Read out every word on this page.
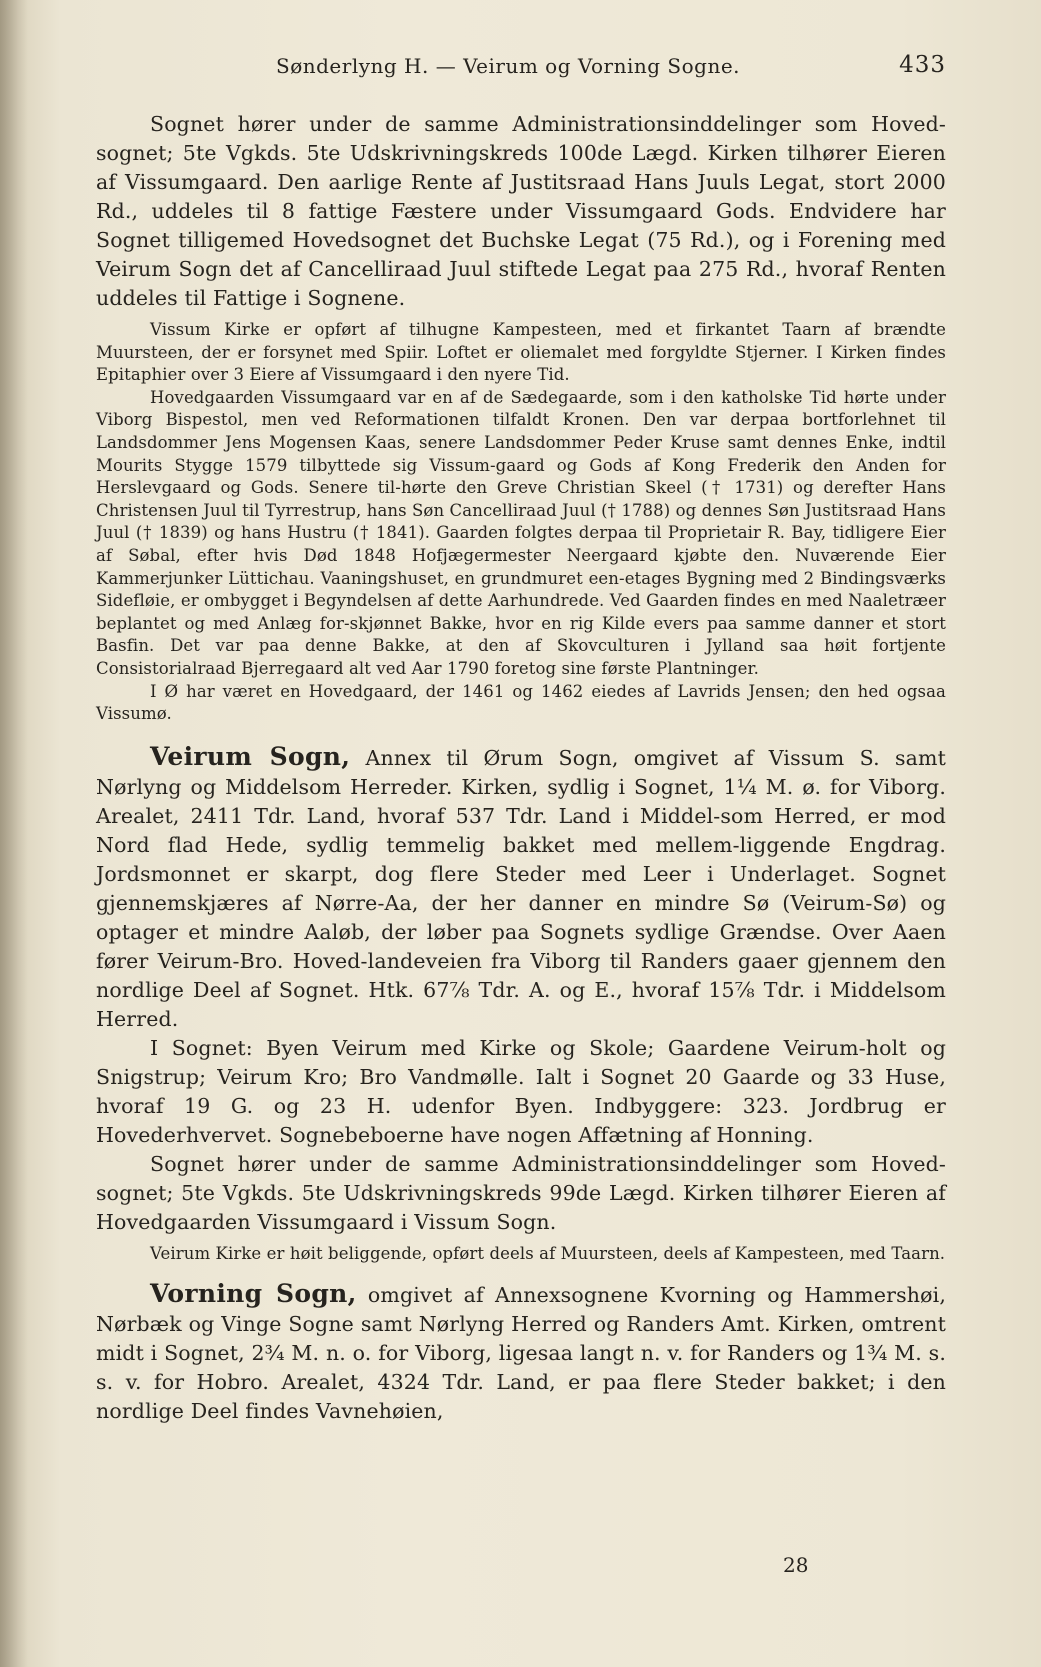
Sønderlyng H. — Veirum og Vorning Sogne.	433

Sognet hører under de samme Administrationsinddelinger som Hoved-sognet; 5te Vgkds. 5te Udskrivningskreds 100de Lægd. Kirken tilhører Eieren af Vissumgaard. Den aarlige Rente af Justitsraad Hans Juuls Legat, stort 2000 Rd., uddeles til 8 fattige Fæstere under Vissumgaard Gods. Endvidere har Sognet tilligemed Hovedsognet det Buchske Legat (75 Rd.), og i Forening med Veirum Sogn det af Cancelliraad Juul stiftede Legat paa 275 Rd., hvoraf Renten uddeles til Fattige i Sognene.

Vissum Kirke er opført af tilhugne Kampesteen, med et firkantet Taarn af brændte Muursteen, der er forsynet med Spiir. Loftet er oliemalet med forgyldte Stjerner. I Kirken findes Epitaphier over 3 Eiere af Vissumgaard i den nyere Tid.

Hovedgaarden Vissumgaard var en af de Sædegaarde, som i den katholske Tid hørte under Viborg Bispestol, men ved Reformationen tilfaldt Kronen. Den var derpaa bortforlehnet til Landsdommer Jens Mogensen Kaas, senere Landsdommer Peder Kruse samt dennes Enke, indtil Mourits Stygge 1579 tilbyttede sig Vissum-gaard og Gods af Kong Frederik den Anden for Herslevgaard og Gods. Senere til-hørte den Greve Christian Skeel († 1731) og derefter Hans Christensen Juul til Tyrrestrup, hans Søn Cancelliraad Juul († 1788) og dennes Søn Justitsraad Hans Juul († 1839) og hans Hustru († 1841). Gaarden folgtes derpaa til Proprietair R. Bay, tidligere Eier af Søbal, efter hvis Død 1848 Hofjægermester Neergaard kjøbte den. Nuværende Eier Kammerjunker Lüttichau. Vaaningshuset, en grundmuret een-etages Bygning med 2 Bindingsværks Sidefløie, er ombygget i Begyndelsen af dette Aarhundrede. Ved Gaarden findes en med Naaletræer beplantet og med Anlæg for-skjønnet Bakke, hvor en rig Kilde evers paa samme danner et stort Basfin. Det var paa denne Bakke, at den af Skovculturen i Jylland saa høit fortjente Consistorialraad Bjerregaard alt ved Aar 1790 foretog sine første Plantninger.

I Ø har været en Hovedgaard, der 1461 og 1462 eiedes af Lavrids Jensen; den hed ogsaa Vissumø.

Veirum Sogn, Annex til Ørum Sogn, omgivet af Vissum S. samt Nørlyng og Middelsom Herreder. Kirken, sydlig i Sognet, 1¼ M. ø. for Viborg. Arealet, 2411 Tdr. Land, hvoraf 537 Tdr. Land i Middel-som Herred, er mod Nord flad Hede, sydlig temmelig bakket med mellem-liggende Engdrag. Jordsmonnet er skarpt, dog flere Steder med Leer i Underlaget. Sognet gjennemskjæres af Nørre-Aa, der her danner en mindre Sø (Veirum-Sø) og optager et mindre Aaløb, der løber paa Sognets sydlige Grændse. Over Aaen fører Veirum-Bro. Hoved-landeveien fra Viborg til Randers gaaer gjennem den nordlige Deel af Sognet. Htk. 67⅞ Tdr. A. og E., hvoraf 15⅞ Tdr. i Middelsom Herred.

I Sognet: Byen Veirum med Kirke og Skole; Gaardene Veirum-holt og Snigstrup; Veirum Kro; Bro Vandmølle. Ialt i Sognet 20 Gaarde og 33 Huse, hvoraf 19 G. og 23 H. udenfor Byen. Indbyggere: 323. Jordbrug er Hovederhvervet. Sognebeboerne have nogen Affætning af Honning.

Sognet hører under de samme Administrationsinddelinger som Hoved-sognet; 5te Vgkds. 5te Udskrivningskreds 99de Lægd. Kirken tilhører Eieren af Hovedgaarden Vissumgaard i Vissum Sogn.

Veirum Kirke er høit beliggende, opført deels af Muursteen, deels af Kampesteen, med Taarn.

Vorning Sogn, omgivet af Annexsognene Kvorning og Hammershøi, Nørbæk og Vinge Sogne samt Nørlyng Herred og Randers Amt. Kirken, omtrent midt i Sognet, 2¾ M. n. o. for Viborg, ligesaa langt n. v. for Randers og 1¾ M. s. s. v. for Hobro. Arealet, 4324 Tdr. Land, er paa flere Steder bakket; i den nordlige Deel findes Vavnehøien,

28
